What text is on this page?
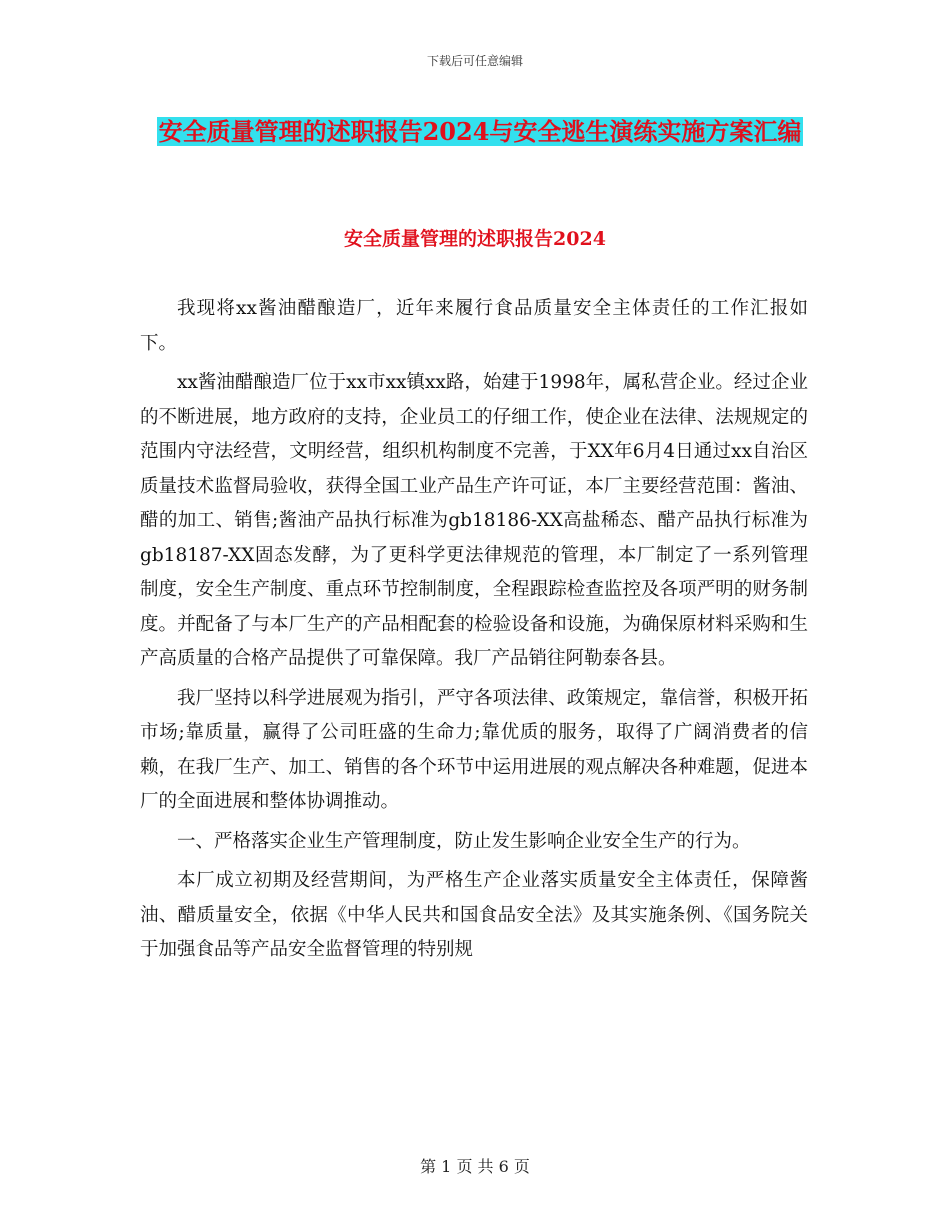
下载后可任意编辑
安全质量管理的述职报告2024与安全逃生演练实施方案汇编
安全质量管理的述职报告2024

我现将xx酱油醋酿造厂，近年来履行食品质量安全主体责任的工作汇报如下。

xx酱油醋酿造厂位于xx市xx镇xx路，始建于1998年，属私营企业。经过企业的不断进展，地方政府的支持，企业员工的仔细工作，使企业在法律、法规规定的范围内守法经营，文明经营，组织机构制度不完善，于XX年6月4日通过xx自治区质量技术监督局验收，获得全国工业产品生产许可证，本厂主要经营范围：酱油、醋的加工、销售;酱油产品执行标准为gb18186-XX高盐稀态、醋产品执行标准为gb18187-XX固态发酵，为了更科学更法律规范的管理，本厂制定了一系列管理制度，安全生产制度、重点环节控制制度，全程跟踪检查监控及各项严明的财务制度。并配备了与本厂生产的产品相配套的检验设备和设施，为确保原材料采购和生产高质量的合格产品提供了可靠保障。我厂产品销往阿勒泰各县。

我厂坚持以科学进展观为指引，严守各项法律、政策规定，靠信誉，积极开拓市场;靠质量，赢得了公司旺盛的生命力;靠优质的服务，取得了广阔消费者的信赖，在我厂生产、加工、销售的各个环节中运用进展的观点解决各种难题，促进本厂的全面进展和整体协调推动。

一、严格落实企业生产管理制度，防止发生影响企业安全生产的行为。

本厂成立初期及经营期间，为严格生产企业落实质量安全主体责任，保障酱油、醋质量安全，依据《中华人民共和国食品安全法》及其实施条例、《国务院关于加强食品等产品安全监督管理的特别规

第 1 页 共 6 页
